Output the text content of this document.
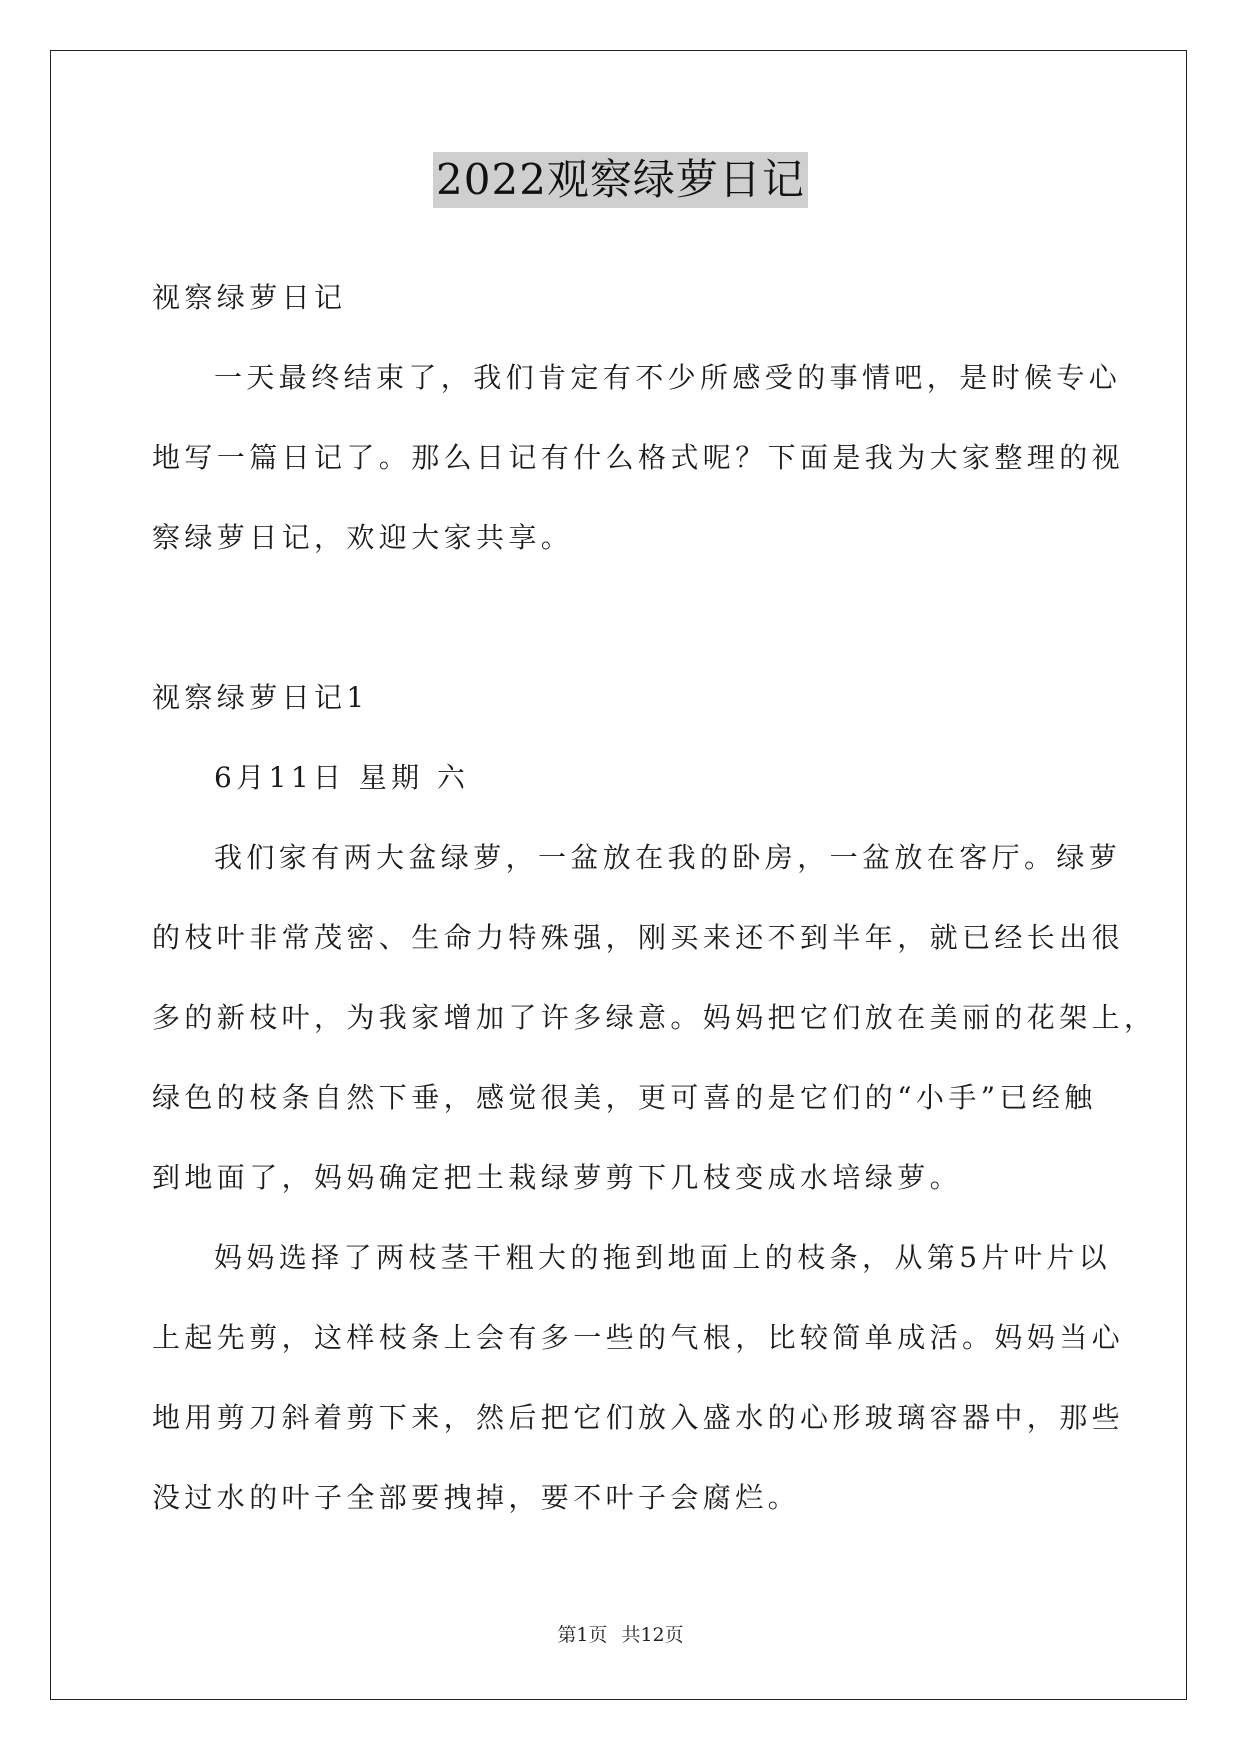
2022观察绿萝日记
视察绿萝日记
一天最终结束了，我们肯定有不少所感受的事情吧，是时候专心
地写一篇日记了。那么日记有什么格式呢？下面是我为大家整理的视
察绿萝日记，欢迎大家共享。
视察绿萝日记1
6月11日 星期 六
我们家有两大盆绿萝，一盆放在我的卧房，一盆放在客厅。绿萝
的枝叶非常茂密、生命力特殊强，刚买来还不到半年，就已经长出很
多的新枝叶，为我家增加了许多绿意。妈妈把它们放在美丽的花架上，
绿色的枝条自然下垂，感觉很美，更可喜的是它们的“小手”已经触
到地面了，妈妈确定把土栽绿萝剪下几枝变成水培绿萝。
妈妈选择了两枝茎干粗大的拖到地面上的枝条，从第5片叶片以
上起先剪，这样枝条上会有多一些的气根，比较简单成活。妈妈当心
地用剪刀斜着剪下来，然后把它们放入盛水的心形玻璃容器中，那些
没过水的叶子全部要拽掉，要不叶子会腐烂。
第1页 共12页
